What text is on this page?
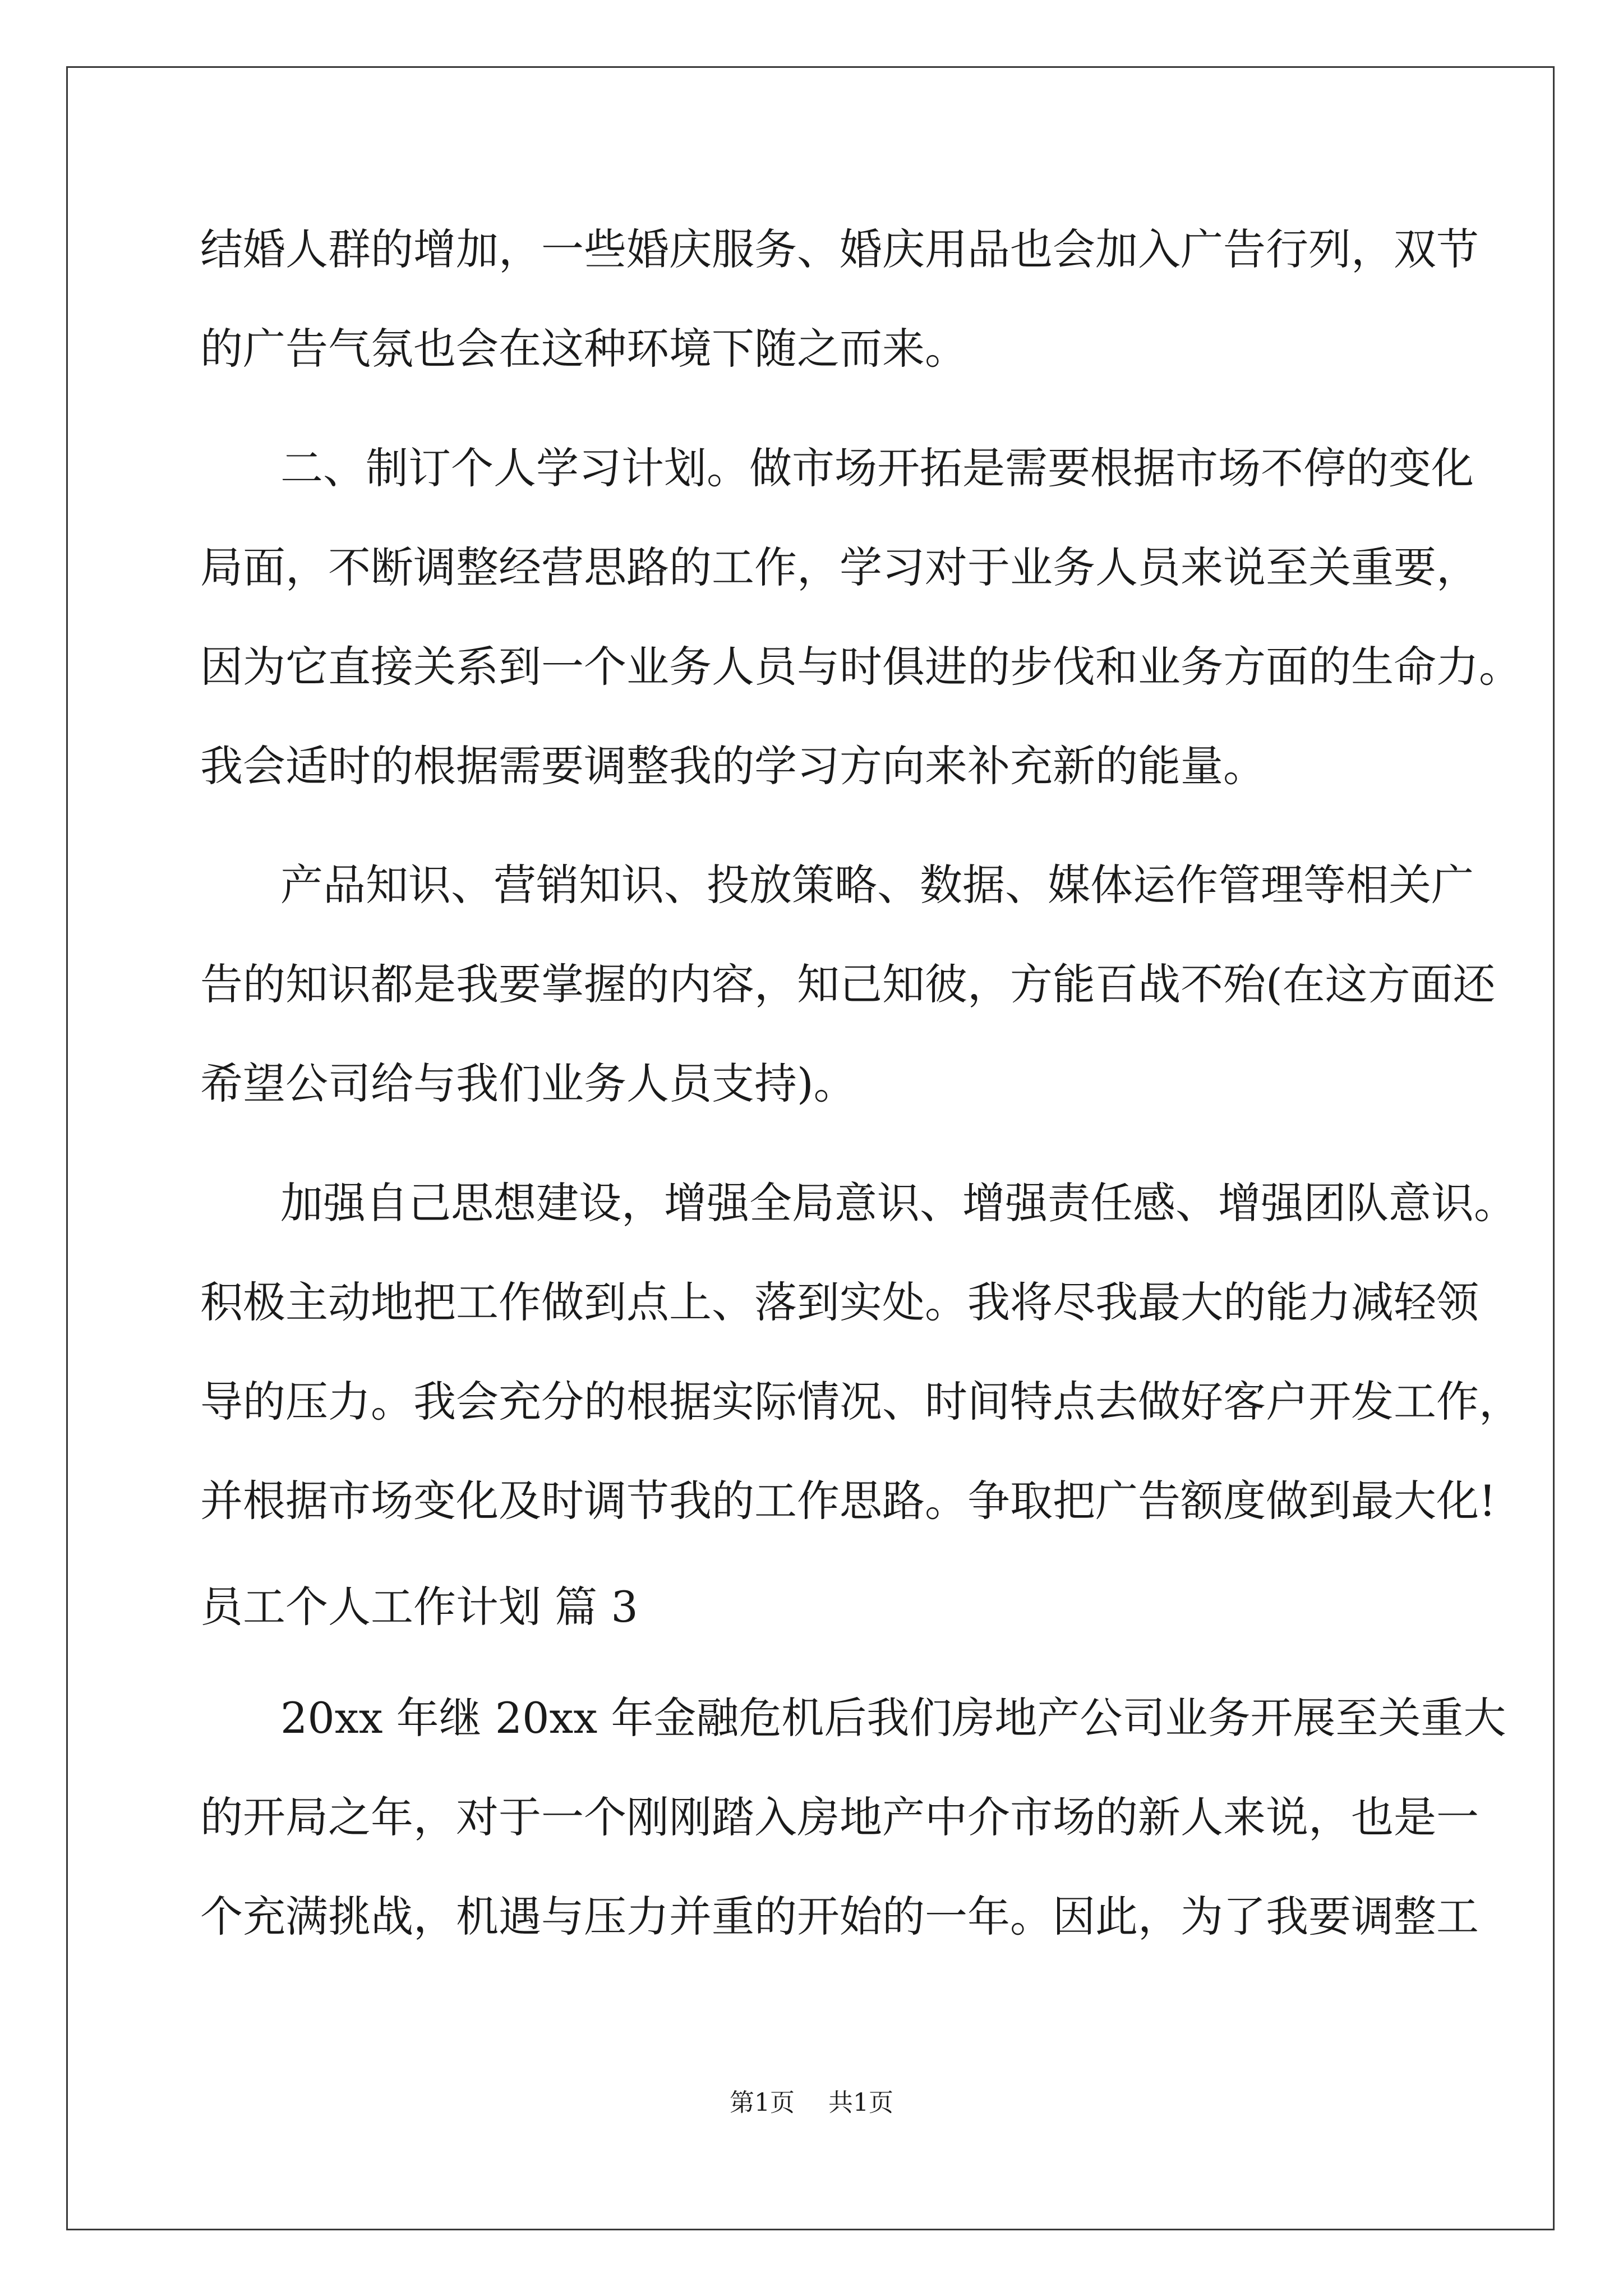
结婚人群的增加，一些婚庆服务、婚庆用品也会加入广告行列，双节
的广告气氛也会在这种环境下随之而来。
二、制订个人学习计划。做市场开拓是需要根据市场不停的变化
局面，不断调整经营思路的工作，学习对于业务人员来说至关重要，
因为它直接关系到一个业务人员与时俱进的步伐和业务方面的生命力。
我会适时的根据需要调整我的学习方向来补充新的能量。
产品知识、营销知识、投放策略、数据、媒体运作管理等相关广
告的知识都是我要掌握的内容，知己知彼，方能百战不殆(在这方面还
希望公司给与我们业务人员支持)。
加强自己思想建设，增强全局意识、增强责任感、增强团队意识。
积极主动地把工作做到点上、落到实处。我将尽我最大的能力减轻领
导的压力。我会充分的根据实际情况、时间特点去做好客户开发工作，
并根据市场变化及时调节我的工作思路。争取把广告额度做到最大化!
员工个人工作计划 篇 3
20xx 年继 20xx 年金融危机后我们房地产公司业务开展至关重大
的开局之年，对于一个刚刚踏入房地产中介市场的新人来说，也是一
个充满挑战，机遇与压力并重的开始的一年。因此，为了我要调整工
第1页 共1页
